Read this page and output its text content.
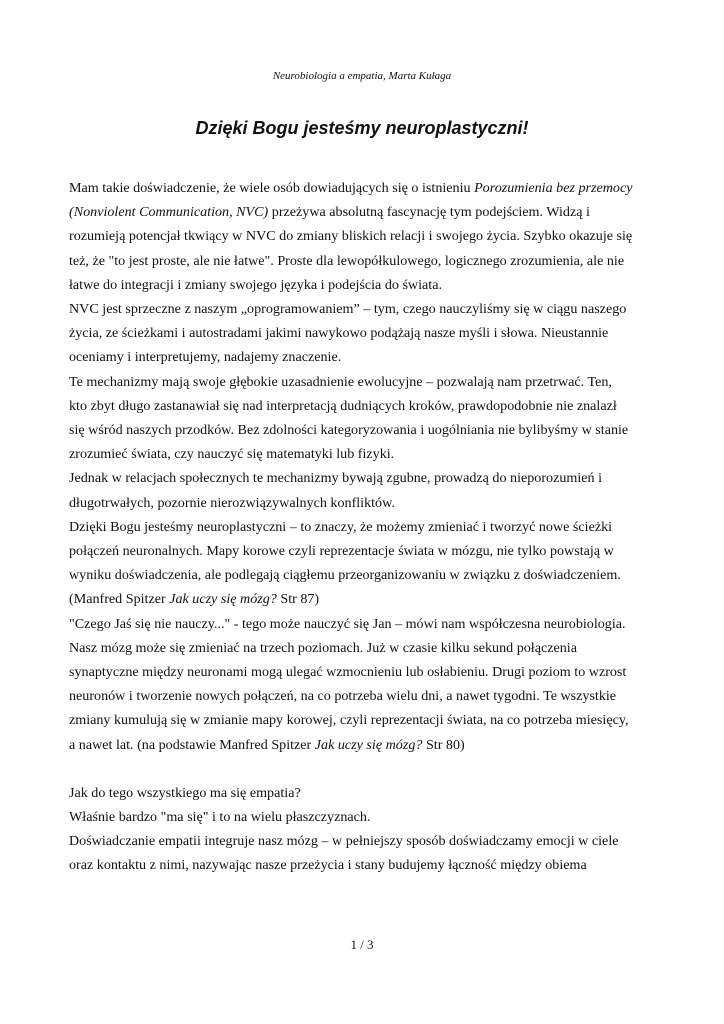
Neurobiologia a empatia, Marta Kułaga
Dzięki Bogu jesteśmy neuroplastyczni!

Mam takie doświadczenie, że wiele osób dowiadujących się o istnieniu Porozumienia bez przemocy
(Nonviolent Communication, NVC) przeżywa absolutną fascynację tym podejściem. Widzą i
rozumieją potencjał tkwiący w NVC do zmiany bliskich relacji i swojego życia. Szybko okazuje się
też, że "to jest proste, ale nie łatwe". Proste dla lewopółkulowego, logicznego zrozumienia, ale nie
łatwe do integracji i zmiany swojego języka i podejścia do świata.

NVC jest sprzeczne z naszym „oprogramowaniem” – tym, czego nauczyliśmy się w ciągu naszego
życia, ze ścieżkami i autostradami jakimi nawykowo podążają nasze myśli i słowa. Nieustannie
oceniamy i interpretujemy, nadajemy znaczenie.

Te mechanizmy mają swoje głębokie uzasadnienie ewolucyjne – pozwalają nam przetrwać. Ten,
kto zbyt długo zastanawiał się nad interpretacją dudniących kroków, prawdopodobnie nie znalazł
się wśród naszych przodków. Bez zdolności kategoryzowania i uogólniania nie bylibyśmy w stanie
zrozumieć świata, czy nauczyć się matematyki lub fizyki.

Jednak w relacjach społecznych te mechanizmy bywają zgubne, prowadzą do nieporozumień i
długotrwałych, pozornie nierozwiązywalnych konfliktów.

Dzięki Bogu jesteśmy neuroplastyczni – to znaczy, że możemy zmieniać i tworzyć nowe ścieżki
połączeń neuronalnych. Mapy korowe czyli reprezentacje świata w mózgu, nie tylko powstają w
wyniku doświadczenia, ale podlegają ciągłemu przeorganizowaniu w związku z doświadczeniem.
(Manfred Spitzer Jak uczy się mózg? Str 87)

"Czego Jaś się nie nauczy..." - tego może nauczyć się Jan – mówi nam współczesna neurobiologia.
Nasz mózg może się zmieniać na trzech poziomach. Już w czasie kilku sekund połączenia
synaptyczne między neuronami mogą ulegać wzmocnieniu lub osłabieniu. Drugi poziom to wzrost
neuronów i tworzenie nowych połączeń, na co potrzeba wielu dni, a nawet tygodni. Te wszystkie
zmiany kumulują się w zmianie mapy korowej, czyli reprezentacji świata, na co potrzeba miesięcy,
a nawet lat. (na podstawie Manfred Spitzer Jak uczy się mózg? Str 80)

Jak do tego wszystkiego ma się empatia?

Właśnie bardzo "ma się" i to na wielu płaszczyznach.

Doświadczanie empatii integruje nasz mózg – w pełniejszy sposób doświadczamy emocji w ciele
oraz kontaktu z nimi, nazywając nasze przeżycia i stany budujemy łączność między obiema

1 / 3
